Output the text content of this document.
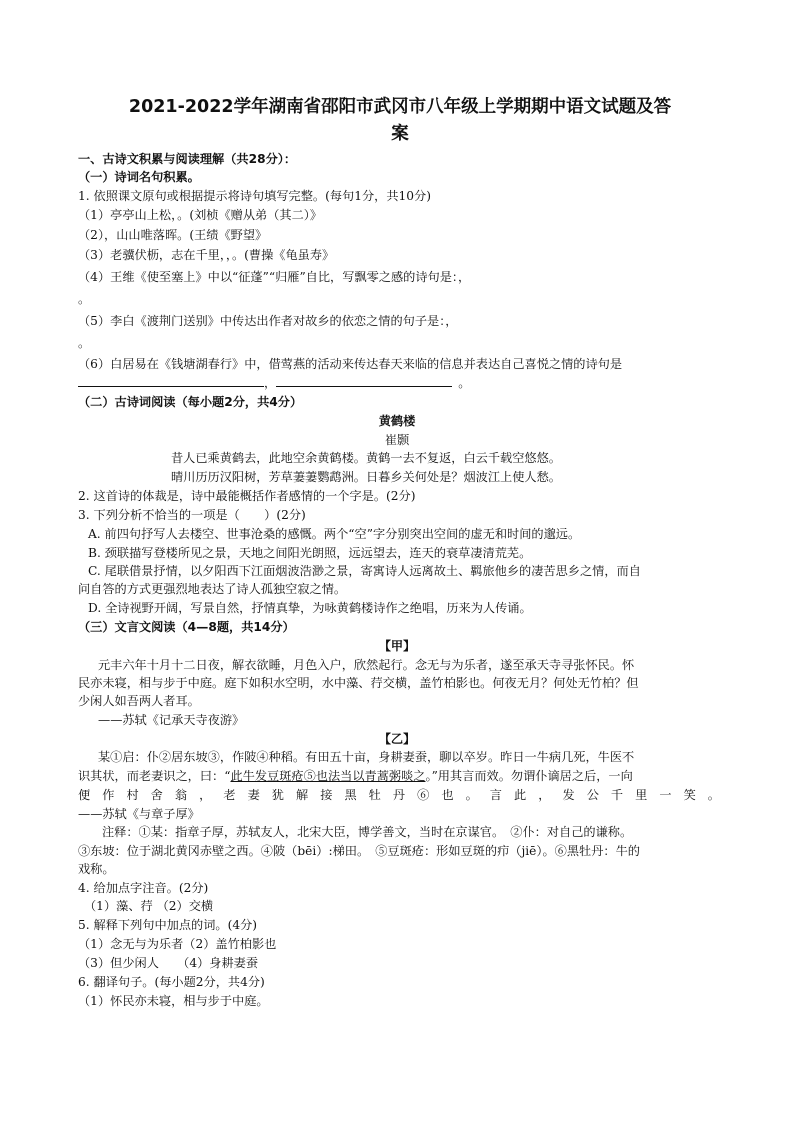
2021-2022学年湖南省邵阳市武冈市八年级上学期期中语文试题及答
案
一、古诗文积累与阅读理解（共28分）：
（一）诗词名句积累。
1. 依照课文原句或根据提示将诗句填写完整。(每句1分，共10分)
（1）亭亭山上松，。(刘桢《赠从弟（其二）》
（2），山山唯落晖。(王绩《野望》
（3）老骥伏枥，志在千里，，。(曹操《龟虽寿》
（4）王维《使至塞上》中以“征蓬”“归雁”自比，写飘零之感的诗句是：，
。
（5）李白《渡荆门送别》中传达出作者对故乡的依恋之情的句子是：，
。
（6）白居易在《钱塘湖春行》中，借莺燕的活动来传达春天来临的信息并表达自己喜悦之情的诗句是
，	。
（二）古诗词阅读（每小题2分，共4分）
黄鹤楼
崔颢
昔人已乘黄鹤去，此地空余黄鹤楼。黄鹤一去不复返，白云千载空悠悠。
晴川历历汉阳树，芳草萋萋鹦鹉洲。日暮乡关何处是？烟波江上使人愁。
2. 这首诗的体裁是，诗中最能概括作者感情的一个字是。(2分)
3. 下列分析不恰当的一项是（　　）(2分)
A. 前四句抒写人去楼空、世事沧桑的感慨。两个“空”字分别突出空间的虚无和时间的邈远。
B. 颈联描写登楼所见之景，天地之间阳光朗照，远远望去，连天的衰草凄清荒芜。
C. 尾联借景抒情，以夕阳西下江面烟波浩渺之景，寄寓诗人远离故土、羁旅他乡的凄苦思乡之情，而自
问自答的方式更强烈地表达了诗人孤独空寂之情。
D. 全诗视野开阔，写景自然，抒情真挚，为咏黄鹤楼诗作之绝唱，历来为人传诵。
（三）文言文阅读（4—8题，共14分）
【甲】
元丰六年十月十二日夜，解衣欲睡，月色入户，欣然起行。念无与为乐者，遂至承天寺寻张怀民。怀
民亦未寝，相与步于中庭。庭下如积水空明，水中藻、荇交横，盖竹柏影也。何夜无月？何处无竹柏？但
少闲人如吾两人者耳。
——苏轼《记承天寺夜游》
【乙】
某①启：仆②居东坡③，作陂④种稻。有田五十亩，身耕妻蚕，聊以卒岁。昨日一牛病几死，牛医不
识其状，而老妻识之，曰：“此牛发豆斑疮⑤也法当以青蒿粥啖之。”用其言而效。勿谓仆谪居之后，一向
便作村舍翁，老妻犹解接黑牡丹⑥也。言此，发公千里一笑。
——苏轼《与章子厚》
注释：①某：指章子厚，苏轼友人，北宋大臣，博学善文，当时在京谋官。　②仆：对自己的谦称。
③东坡：位于湖北黄冈赤壁之西。④陂（bēi）:梯田。　⑤豆斑疮：形如豆斑的疖（jiē）。⑥黑牡丹：牛的
戏称。
4. 给加点字注音。(2分)
（1）藻、荇 （2）交横
5. 解释下列句中加点的词。(4分)
（1）念无与为乐者（2）盖竹柏影也
（3）但少闲人　　（4）身耕妻蚕
6. 翻译句子。(每小题2分，共4分)
（1）怀民亦未寝，相与步于中庭。
